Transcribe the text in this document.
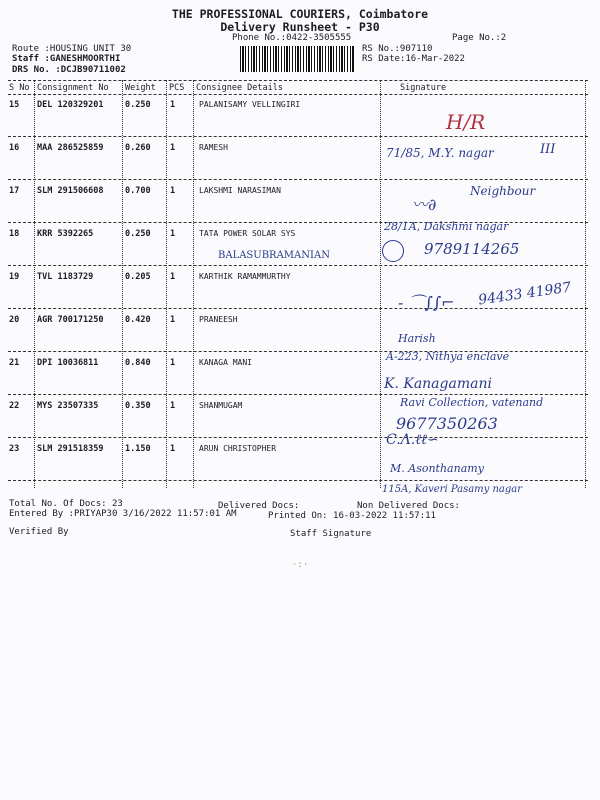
THE PROFESSIONAL COURIERS, Coimbatore
Delivery Runsheet - P30
Phone No.:0422-3505555	Page No.:2
Route :HOUSING UNIT 30
Staff :GANESHMOORTHI
DRS No. :DCJB90711002
RS No.:907110
RS Date:16-Mar-2022
S No Consignment No Weight PCS Consignee Details	Signature
15 DEL 120329201	0.250 1	PALANISAMY VELLINGIRI
16 MAA 286525859	0.260 1	RAMESH
17 SLM 291506608	0.700 1	LAKSHMI NARASIMAN
18 KRR 5392265	0.250 1	TATA POWER SOLAR SYS
19 TVL 1183729	0.205 1	KARTHIK RAMAMMURTHY
20 AGR 700171250	0.420 1	PRANEESH
21 DPI 10036811	0.840 1	KANAGA MANI
22 MYS 23507335	0.350 1	SHANMUGAM
23 SLM 291518359	1.150 1	ARUN CHRISTOPHER
H/R
71/85, M.Y. nagar	III
Neighbour
〰∂
28/1A, Dakshmi nagar
BALASUBRAMANIAN	9789114265
- ⌒∫∫⌐ 94433 41987
Harish
A-223, Nithya enclave
K. Kanagamani
Ravi Collection, vatenand
9677350263
C.Λ.ℓℓ∽
M. Asonthanamy
115A, Kaveri Pasamy nagar
Total No. Of Docs: 23	Delivered Docs:	Non Delivered Docs:
Entered By :PRIYAP30 3/16/2022 11:57:01 AM	Printed On: 16-03-2022 11:57:11
Verified By	Staff Signature
·:·
